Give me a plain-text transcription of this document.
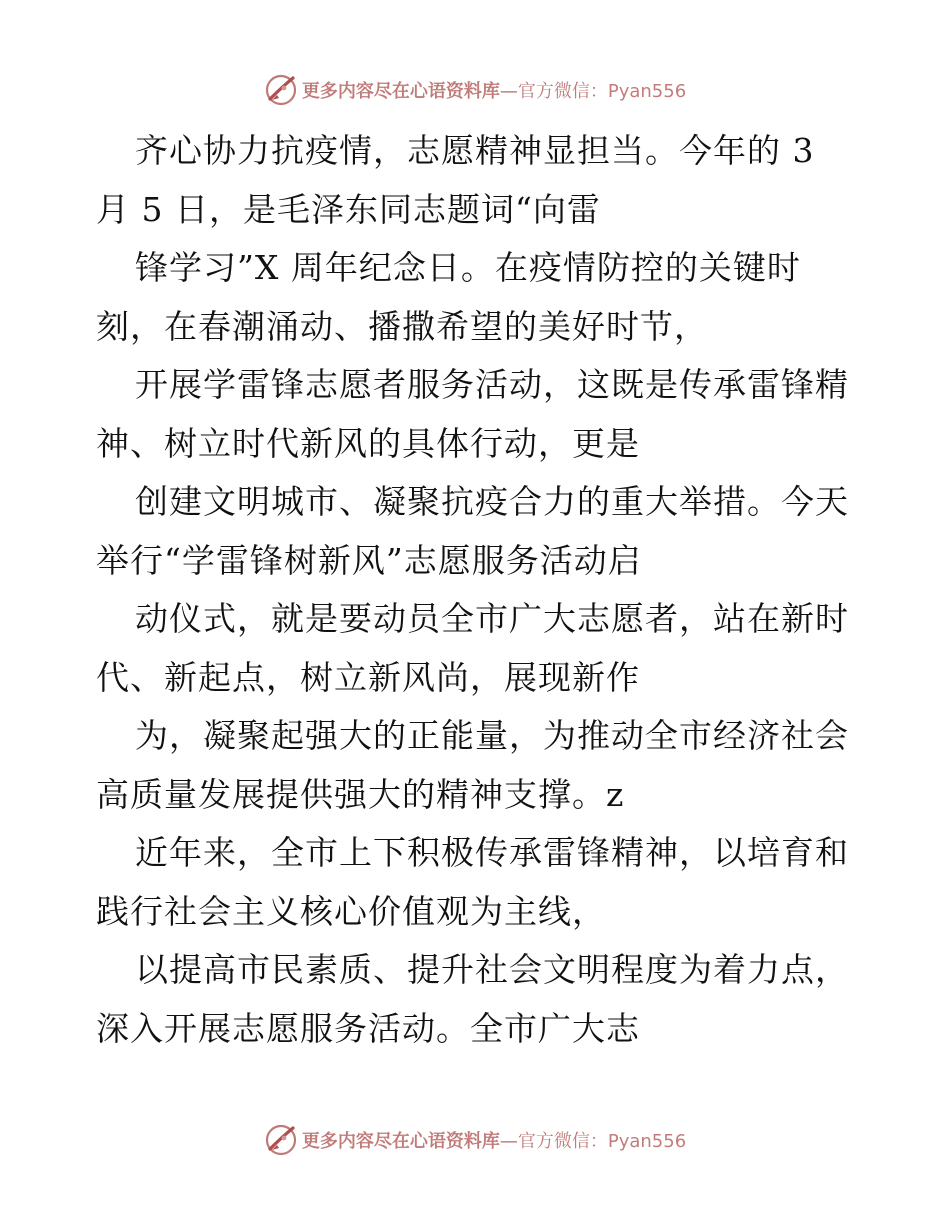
更多内容尽在心语资料库—官方微信：Pyan556
齐心协力抗疫情，志愿精神显担当。今年的 3
月 5 日，是毛泽东同志题词“向雷
锋学习”X 周年纪念日。在疫情防控的关键时
刻，在春潮涌动、播撒希望的美好时节，
开展学雷锋志愿者服务活动，这既是传承雷锋精
神、树立时代新风的具体行动，更是
创建文明城市、凝聚抗疫合力的重大举措。今天
举行“学雷锋树新风”志愿服务活动启
动仪式，就是要动员全市广大志愿者，站在新时
代、新起点，树立新风尚，展现新作
为，凝聚起强大的正能量，为推动全市经济社会
高质量发展提供强大的精神支撑。z
近年来，全市上下积极传承雷锋精神，以培育和
践行社会主义核心价值观为主线，
以提高市民素质、提升社会文明程度为着力点，
深入开展志愿服务活动。全市广大志
更多内容尽在心语资料库—官方微信：Pyan556
